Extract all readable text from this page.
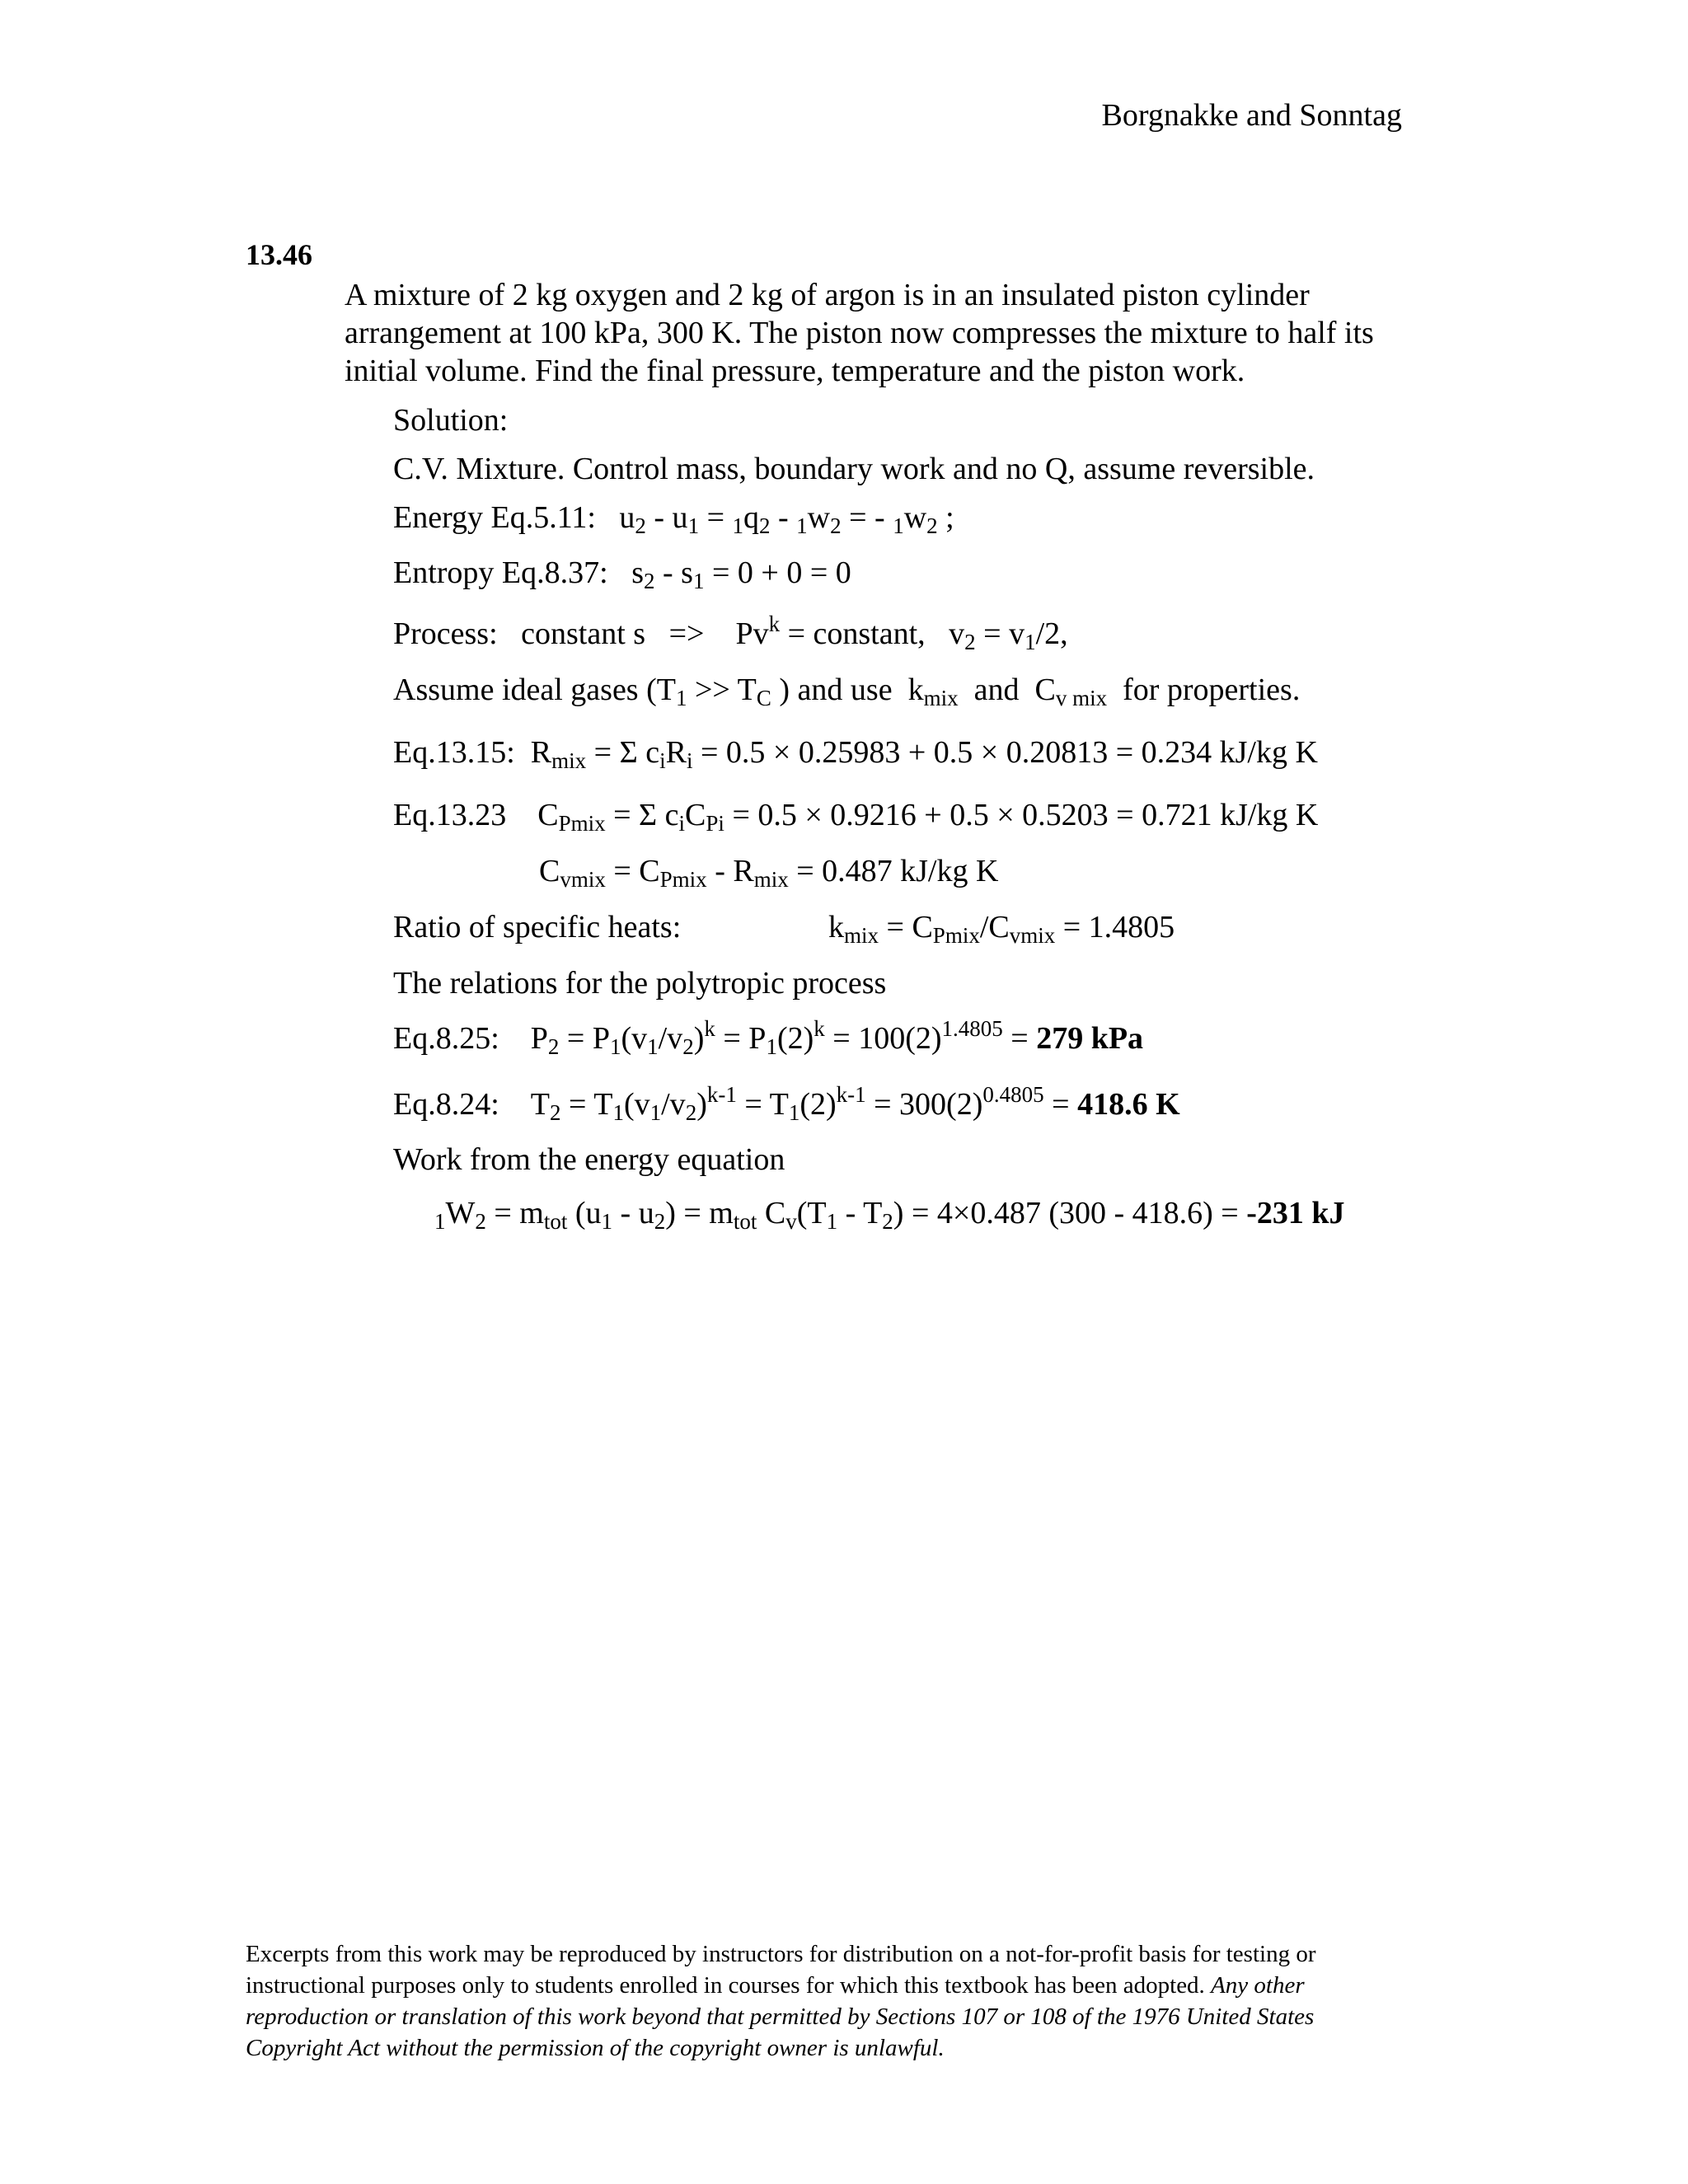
Borgnakke and Sonntag
13.46
A mixture of 2 kg oxygen and 2 kg of argon is in an insulated piston cylinder arrangement at 100 kPa, 300 K. The piston now compresses the mixture to half its initial volume. Find the final pressure, temperature and the piston work.
Solution:
C.V. Mixture. Control mass, boundary work and no Q, assume reversible.
Energy Eq.5.11:   $u_2 - u_1 = _1q_2 - _1w_2$ = - $_1w_2$ ;
Entropy Eq.8.37:   $s_2 - s_1 = 0 + 0 = 0$
Process: constant s   =>    $Pv^k$ = constant,   $v_2 = v_1/2$,
Assume ideal gases ($T_1 >> T_C$ ) and use  $k_{mix}$  and  $C_{v mix}$ for properties.
Eq.13.15:  $R_{mix} = \Sigma$ $c_iR_i = 0.5 \times 0.25983 + 0.5 \times 0.20813 = 0.234$ kJ/kg K
Eq.13.23    $C_{Pmix} = \Sigma$ $c_iC_{Pi} = 0.5 \times 0.9216 + 0.5 \times 0.5203 = 0.721$ kJ/kg K
$C_{vmix} = C_{Pmix} - R_{mix} = 0.487$ kJ/kg K
Ratio of specific heats:	$k_{mix} = C_{Pmix}/C_{vmix} = 1.4805$
The relations for the polytropic process
Eq.8.25:    $P_2 = P_1(v_1/v_2)^k = P_1(2)^k = 100(2)^{1.4805} = 279$ kPa
Eq.8.24:    $T_2 = T_1(v_1/v_2)^{k-1} = T_1(2)^{k-1} = 300(2)^{0.4805} = 418.6$ K
Work from the energy equation
$_1W_2 = m_{tot}$ $(u_1 - u_2) = m_{tot}$ $C_v(T_1 - T_2) = 4\times 0.487$ (300 - 418.6) = -231 kJ
Excerpts from this work may be reproduced by instructors for distribution on a not-for-profit basis for testing or instructional purposes only to students enrolled in courses for which this textbook has been adopted. Any other reproduction or translation of this work beyond that permitted by Sections 107 or 108 of the 1976 United States Copyright Act without the permission of the copyright owner is unlawful.
